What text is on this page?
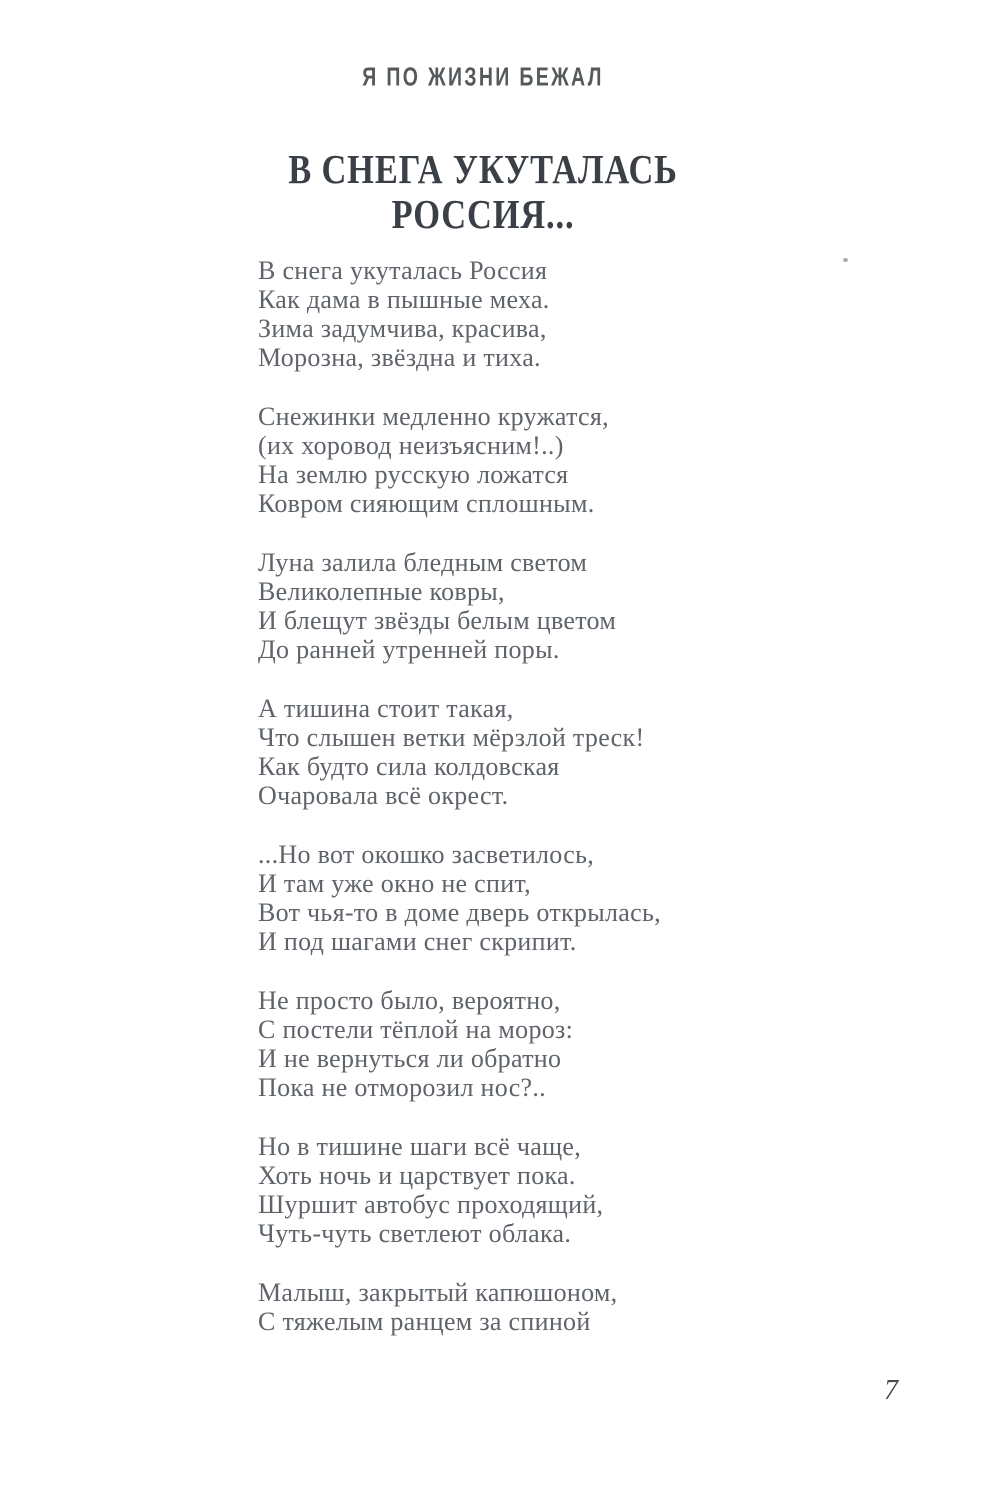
Я ПО ЖИЗНИ БЕЖАЛ
В СНЕГА УКУТАЛАСЬ
РОССИЯ...
В снега укуталась Россия
Как дама в пышные меха.
Зима задумчива, красива,
Морозна, звёздна и тиха.
Снежинки медленно кружатся,
(их хоровод неизъясним!..)
На землю русскую ложатся
Ковром сияющим сплошным.
Луна залила бледным светом
Великолепные ковры,
И блещут звёзды белым цветом
До ранней утренней поры.
А тишина стоит такая,
Что слышен ветки мёрзлой треск!
Как будто сила колдовская
Очаровала всё окрест.
...Но вот окошко засветилось,
И там уже окно не спит,
Вот чья-то в доме дверь открылась,
И под шагами снег скрипит.
Не просто было, вероятно,
С постели тёплой на мороз:
И не вернуться ли обратно
Пока не отморозил нос?..
Но в тишине шаги всё чаще,
Хоть ночь и царствует пока.
Шуршит автобус проходящий,
Чуть-чуть светлеют облака.
Малыш, закрытый капюшоном,
С тяжелым ранцем за спиной
7
